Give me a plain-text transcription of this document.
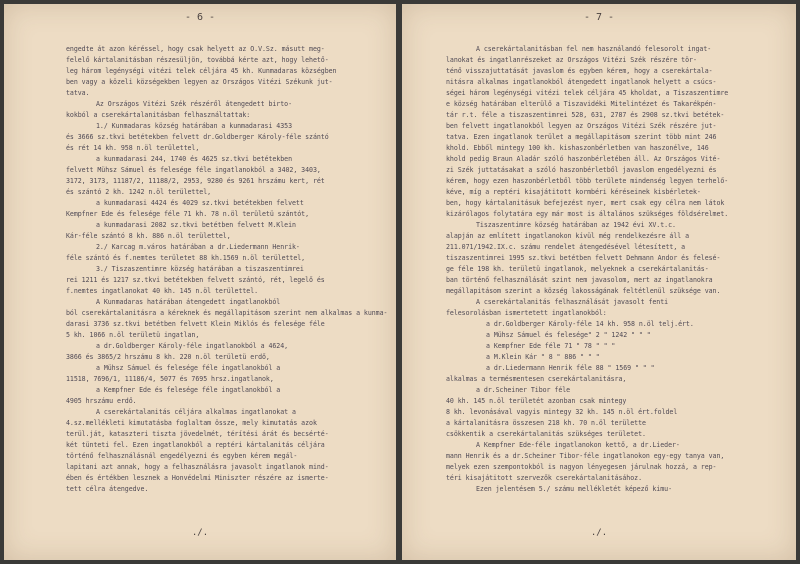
- 6 -
engedte át azon kéréssel, hogy csak helyett az O.V.Sz. másutt meg-
felelő kártalanitásban részesüljön, továbbá kérte azt, hogy lehető-
leg három legénységi vitézi telek céljára 45 kh. Kunmadaras községben
ben vagy a közeli községekben legyen az Országos Vitézi Székunk jut-
tatva.
Az Országos Vitézi Szék részéről átengedett birto-
kokból a cserekártalanitásban felhasználtattak:
1./ Kunmadaras község határában a kunmadarasi 4353
és 3666 sz.tkvi betétekben felvett dr.Goldberger Károly-féle szántó
és rét 14 kh. 958 n.öl területtel,
a kunmadarasi 244, 1740 és 4625 sz.tkvi betétekben
felvett Mühsz Sámuel és felesége féle ingatlanokból a 3402, 3403,
3172, 3173, 11187/2, 11188/2, 2953, 9280 és 9261 hrszámu kert, rét
és szántó 2 kh. 1242 n.öl területtel,
a kunmadarasi 4424 és 4029 sz.tkvi betétekben felvett
Kempfner Ede és felesége féle 71 kh. 78 n.öl területü szántót,
a kunmadarasi 2082 sz.tkvi betétben felvett M.Klein
Kár-féle szántó 8 kh. 886 n.öl területtel,
2./ Karcag m.város határában a dr.Liedermann Henrik-
féle szántó és f.nemtes területet 88 kh.1569 n.öl területtel,
3./ Tiszaszentimre község határában a tiszaszentimrei
rei 1211 és 1217 sz.tkvi betétekben felvett szántó, rét, legelő és
f.nemtes ingatlanokat 40 kh. 145 n.öl területtel.
A Kunmadaras határában átengedett ingatlanokból
ból cserekártalanitásra a kéreknek és megállapitásom szerint nem alkalmas a kunma-
darasi 3736 sz.tkvi betétben felvett Klein Miklós és felesége féle
5 kh. 1066 n.öl területü ingatlan,
a dr.Goldberger Károly-féle ingatlanokból a 4624,
3866 és 3865/2 hrszámu 8 kh. 220 n.öl területü erdő,
a Mühsz Sámuel és felesége féle ingatlanokból a
11518, 7696/1, 11186/4, 5077 és 7695 hrsz.ingatlanok,
a Kempfner Ede és felesége féle ingatlanokból a
4905 hrszámu erdő.
A cserekártalanitás céljára alkalmas ingatlanokat a
4.sz.mellékleti kimutatásba foglaltam össze, mely kimutatás azok
terül.ját, kataszteri tiszta jövedelmét, térítési árát és becsérté-
két tünteti fel. Ezen ingatlanokból a reptéri kártalanitás céljára
történő felhasználásnál engedélyezni és egyben kérem megál-
lapitani azt annak, hogy a felhasználásra javasolt ingatlanok mind-
ében és értékben lesznek a Honvédelmi Miniszter részére az ismerte-
tett célra átengedve.
./.
- 7 -
A cserekártalanitásban fel nem használandó felesorolt ingat-
lanokat és ingatlanrészeket az Országos Vitézi Szék részére tör-
ténő visszajuttatását javaslom és egyben kérem, hogy a cserekártala-
nitásra alkalmas ingatlanokból átengedett ingatlanok helyett a csúcs-
ségei három legénységi vitézi telek céljára 45 kholdat, a Tiszaszentimre
e község határában elterülő a Tiszavidéki Mitelintézet és Takarékpén-
tár r.t. féle a tiszaszentimrei 528, 631, 2787 és 2908 sz.tkvi betétek-
ben felvett ingatlanokból legyen az Országos Vitézi Szék részére jut-
tatva. Ezen ingatlanok terület a megállapitásom szerint több mint 246
khold. Ebből mintegy 100 kh. kishaszonbérletben van haszonélve, 146
khold pedig Braun Aladár szóló haszonbérletében áll. Az Országos Vité-
zi Szék juttatásakat a szóló haszonbérletből javaslom engedélyezni és
kérem, hogy ezen haszonbérletből több területe mindenség legyen terhelő-
kéve, míg a reptéri kisajátitott kormbéri kéréseinek kisbérletek-
ben, hogy kártalanitásuk befejezést nyer, mert csak egy célra nem látok
kizárólagos folytatára egy már most is általános szükséges földsérelmet.
Tiszaszentimre község határában az 1942 évi XV.t.c.
alapján az említett ingatlanokon kívül még rendelkezésre áll a
211.071/1942.IX.c. számu rendelet átengedésével létesített, a
tiszaszentimrei 1995 sz.tkvi betétben felvett Dehmann Andor és felesé-
ge féle 198 kh. területü ingatlanok, melyeknek a cserekártalanitás-
ban történő felhasználását szint nem javasolom, mert az ingatlanokra
megállapitásom szerint a község lakosságának feltétlenül szüksége van.
A cserekártalanitás felhasználását javasolt fenti
felesorolásban ismertetett ingatlanokból:
a dr.Goldberger Károly-féle 14 kh. 958 n.öl telj.ért.
a Mühsz Sámuel és felesége" 2 " 1242 " " "
a Kempfner Ede féle 71 " 78 " " "
a M.Klein Kár " 8 " 886 " " "
a dr.Liedermann Henrik féle 88 " 1569 " " "
alkalmas a termésmentesen cserekártalanitásra,
a dr.Scheiner Tibor féle
40 kh. 145 n.öl területét azonban csak mintegy
8 kh. levonásával vagyis mintegy 32 kh. 145 n.öl ért.foldel
a kártalanitásra összesen 218 kh. 70 n.öl területte
csökkentik a cserekártalanitás szükséges területet.
A Kempfner Ede-féle ingatlanokon kettő, a dr.Lieder-
mann Henrik és a dr.Scheiner Tibor-féle ingatlanokon egy-egy tanya van,
melyek ezen szempontokból is nagyon lényegesen járulnak hozzá, a rep-
téri kisajátitott szervezők cserekártalanitásához.
Ezen jelentésem 5./ számu mellékletét képező kimu-
./.
